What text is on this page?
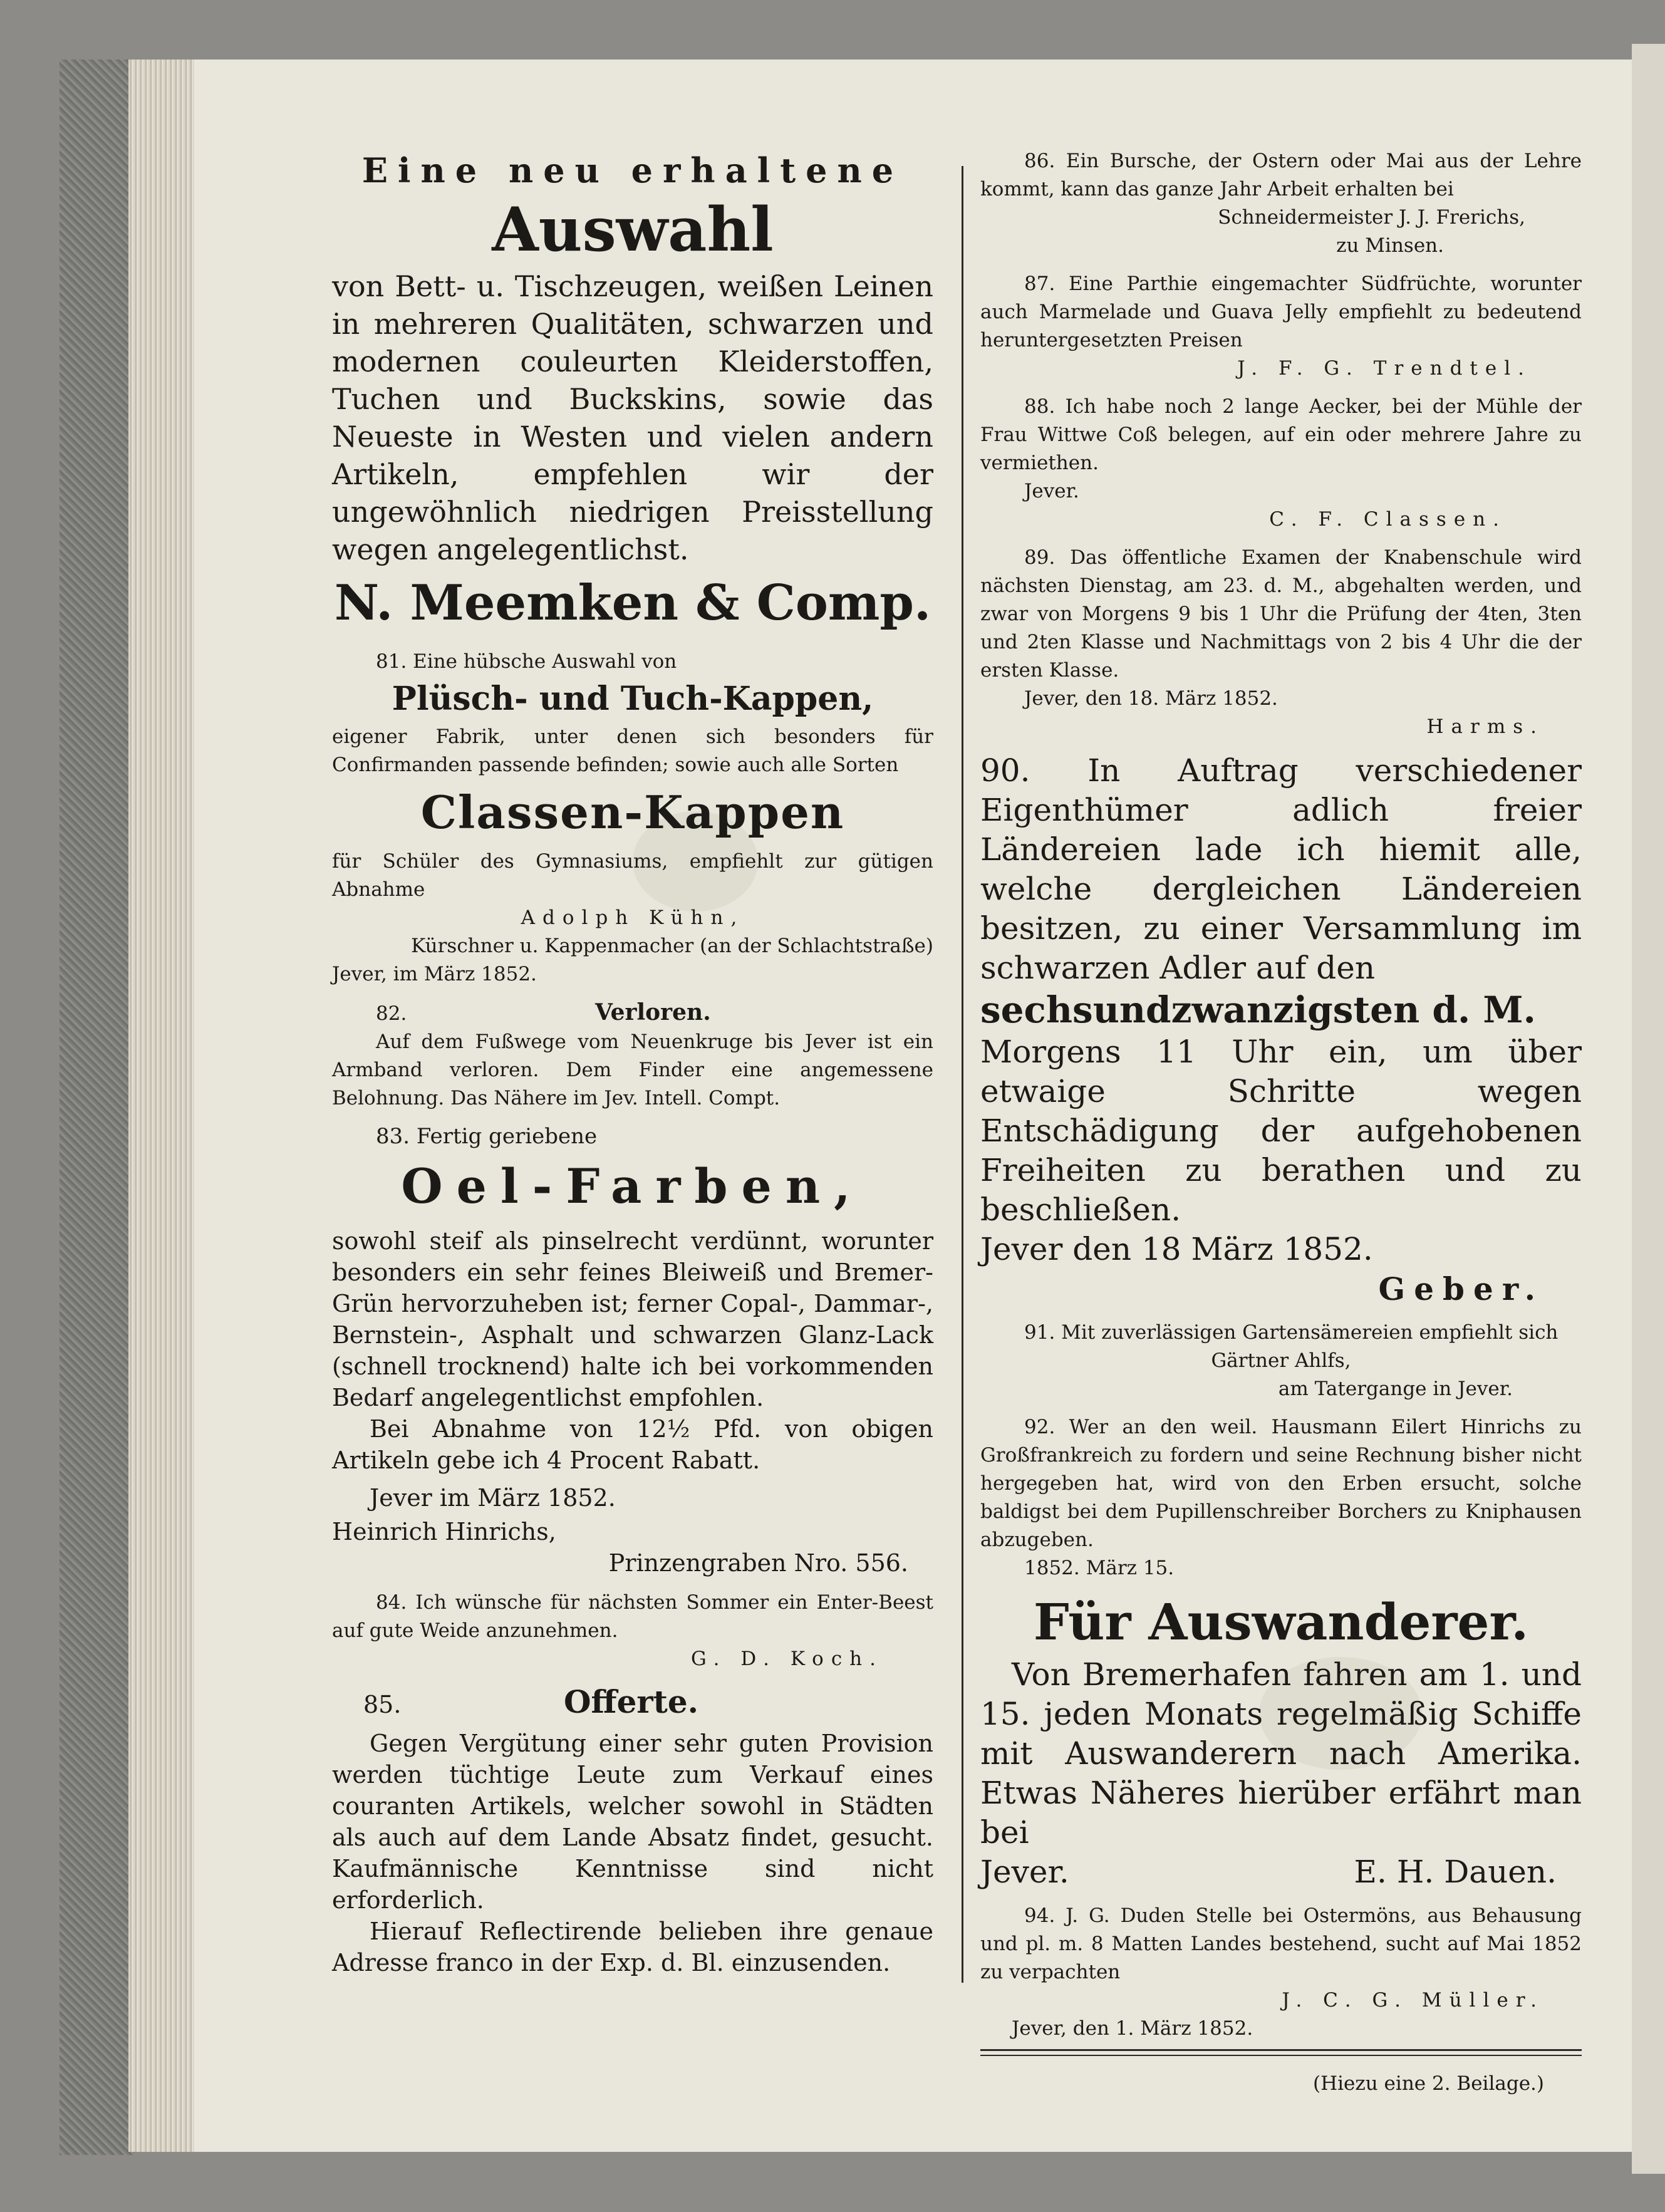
Eine neu erhaltene

Auswahl

von Bett- u. Tischzeugen, weißen Leinen in mehreren Qualitäten, schwarzen und modernen couleurten Kleiderstoffen, Tuchen und Buckskins, sowie das Neueste in Westen und vielen andern Artikeln, empfehlen wir der ungewöhnlich niedrigen Preisstellung wegen angelegentlichst.

N. Meemken & Comp.

81. Eine hübsche Auswahl von

Plüsch- und Tuch-Kappen,

eigener Fabrik, unter denen sich besonders für Confirmanden passende befinden; sowie auch alle Sorten

Classen-Kappen

für Schüler des Gymnasiums, empfiehlt zur gütigen Abnahme

Adolph Kühn,

Kürschner u. Kappenmacher (an der Schlachtstraße)

Jever, im März 1852.

82.	Verloren.

Auf dem Fußwege vom Neuenkruge bis Jever ist ein Armband verloren. Dem Finder eine angemessene Belohnung. Das Nähere im Jev. Intell. Compt.

83. Fertig geriebene

Oel-Farben,

sowohl steif als pinselrecht verdünnt, worunter besonders ein sehr feines Bleiweiß und Bremer-Grün hervorzuheben ist; ferner Copal-, Dammar-, Bernstein-, Asphalt und schwarzen Glanz-Lack (schnell trocknend) halte ich bei vorkommenden Bedarf angelegentlichst empfohlen.

Bei Abnahme von 12½ Pfd. von obigen Artikeln gebe ich 4 Procent Rabatt.

Jever im März 1852.

Heinrich Hinrichs,

Prinzengraben Nro. 556.

84. Ich wünsche für nächsten Sommer ein Enter-Beest auf gute Weide anzunehmen.

G. D. Koch.

85.	Offerte.

Gegen Vergütung einer sehr guten Provision werden tüchtige Leute zum Verkauf eines couranten Artikels, welcher sowohl in Städten als auch auf dem Lande Absatz findet, gesucht. Kaufmännische Kenntnisse sind nicht erforderlich.

Hierauf Reflectirende belieben ihre genaue Adresse franco in der Exp. d. Bl. einzusenden.

86. Ein Bursche, der Ostern oder Mai aus der Lehre kommt, kann das ganze Jahr Arbeit erhalten bei

Schneidermeister J. J. Frerichs,

zu Minsen.

87. Eine Parthie eingemachter Südfrüchte, worunter auch Marmelade und Guava Jelly empfiehlt zu bedeutend heruntergesetzten Preisen

J. F. G. Trendtel.

88. Ich habe noch 2 lange Aecker, bei der Mühle der Frau Wittwe Coß belegen, auf ein oder mehrere Jahre zu vermiethen.

Jever.

C. F. Classen.

89. Das öffentliche Examen der Knabenschule wird nächsten Dienstag, am 23. d. M., abgehalten werden, und zwar von Morgens 9 bis 1 Uhr die Prüfung der 4ten, 3ten und 2ten Klasse und Nachmittags von 2 bis 4 Uhr die der ersten Klasse.

Jever, den 18. März 1852.

Harms.

90. In Auftrag verschiedener Eigenthümer adlich freier Ländereien lade ich hiemit alle, welche dergleichen Ländereien besitzen, zu einer Versammlung im schwarzen Adler auf den
sechsundzwanzigsten d. M.
Morgens 11 Uhr ein, um über etwaige Schritte wegen Entschädigung der aufgehobenen Freiheiten zu berathen und zu beschließen.

Jever den 18 März 1852.

Geber.

91. Mit zuverlässigen Gartensämereien empfiehlt sich

Gärtner Ahlfs,

am Tatergange in Jever.

92. Wer an den weil. Hausmann Eilert Hinrichs zu Großfrankreich zu fordern und seine Rechnung bisher nicht hergegeben hat, wird von den Erben ersucht, solche baldigst bei dem Pupillenschreiber Borchers zu Kniphausen abzugeben.

1852. März 15.

Für Auswanderer.

Von Bremerhafen fahren am 1. und 15. jeden Monats regelmäßig Schiffe mit Auswanderern nach Amerika. Etwas Näheres hierüber erfährt man bei

Jever.	E. H. Dauen.

94. J. G. Duden Stelle bei Ostermöns, aus Behausung und pl. m. 8 Matten Landes bestehend, sucht auf Mai 1852 zu verpachten

J. C. G. Müller.

Jever, den 1. März 1852.

(Hiezu eine 2. Beilage.)
